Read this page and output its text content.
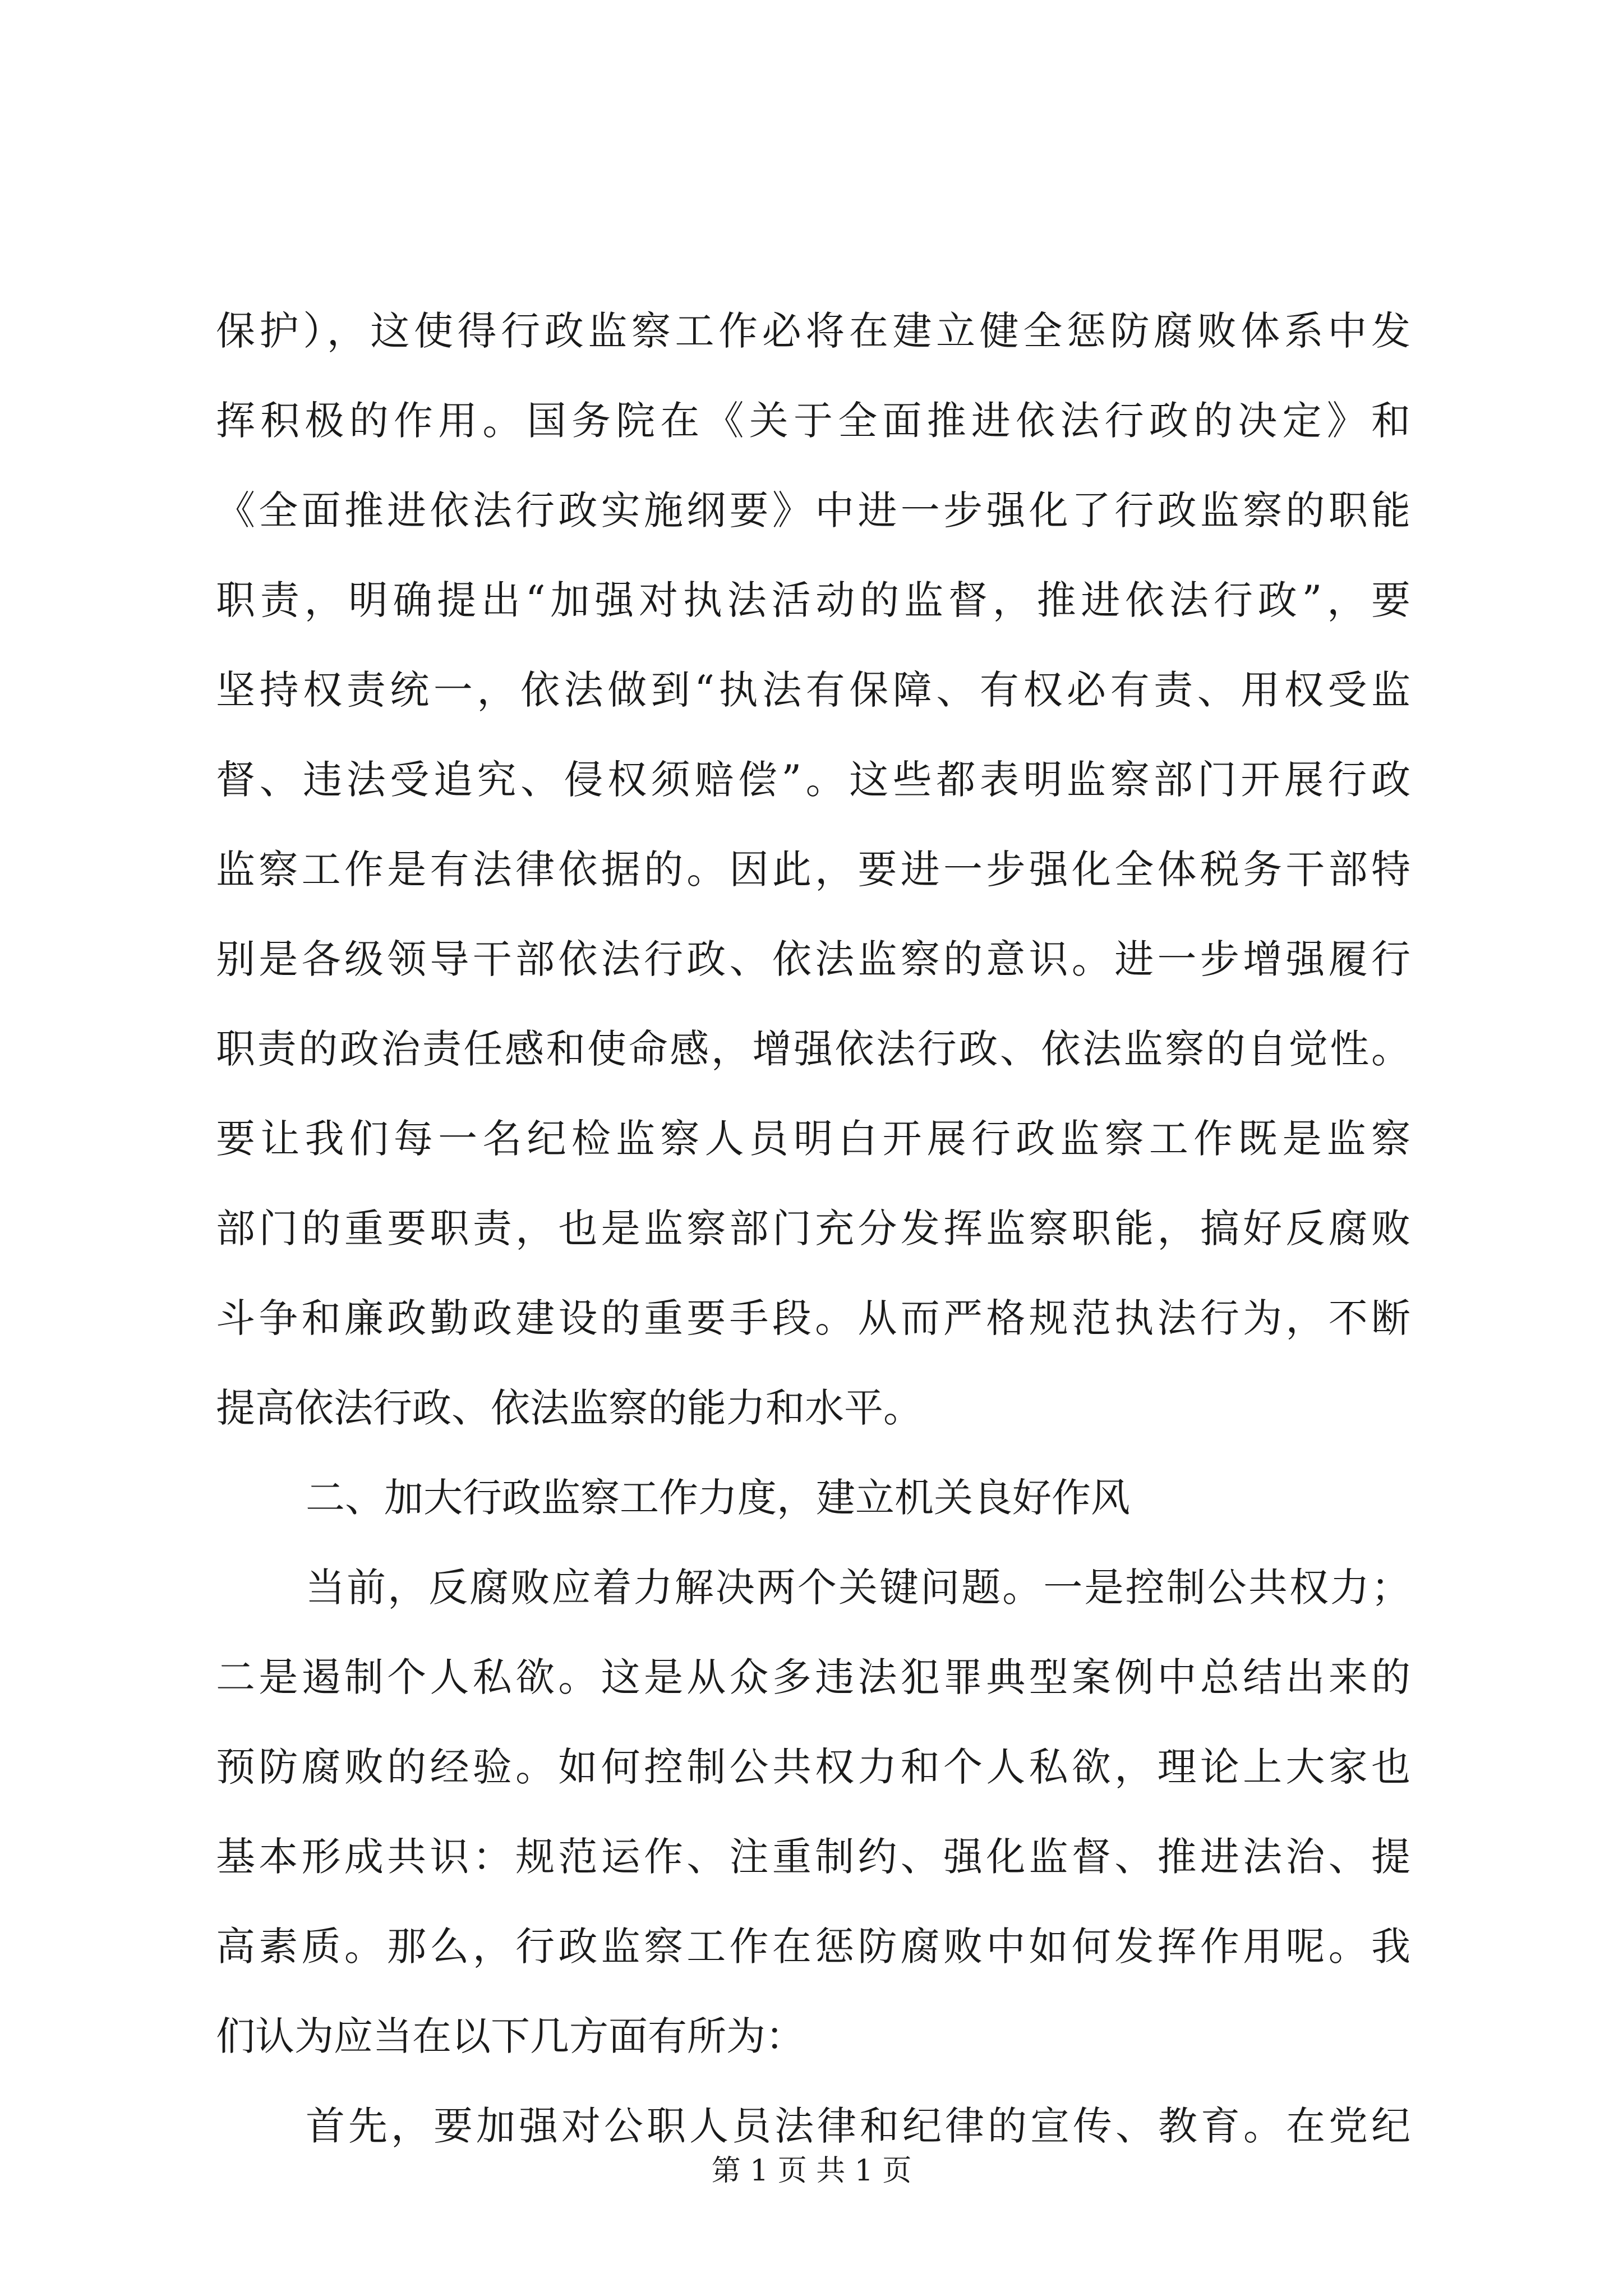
保护），这使得行政监察工作必将在建立健全惩防腐败体系中发
挥积极的作用。国务院在《关于全面推进依法行政的决定》和
《全面推进依法行政实施纲要》中进一步强化了行政监察的职能
职责，明确提出“加强对执法活动的监督，推进依法行政”，要
坚持权责统一，依法做到“执法有保障、有权必有责、用权受监
督、违法受追究、侵权须赔偿”。这些都表明监察部门开展行政
监察工作是有法律依据的。因此，要进一步强化全体税务干部特
别是各级领导干部依法行政、依法监察的意识。进一步增强履行
职责的政治责任感和使命感，增强依法行政、依法监察的自觉性。
要让我们每一名纪检监察人员明白开展行政监察工作既是监察
部门的重要职责，也是监察部门充分发挥监察职能，搞好反腐败
斗争和廉政勤政建设的重要手段。从而严格规范执法行为，不断
提高依法行政、依法监察的能力和水平。
二、加大行政监察工作力度，建立机关良好作风
当前，反腐败应着力解决两个关键问题。一是控制公共权力；
二是遏制个人私欲。这是从众多违法犯罪典型案例中总结出来的
预防腐败的经验。如何控制公共权力和个人私欲，理论上大家也
基本形成共识：规范运作、注重制约、强化监督、推进法治、提
高素质。那么，行政监察工作在惩防腐败中如何发挥作用呢。我
们认为应当在以下几方面有所为：
首先，要加强对公职人员法律和纪律的宣传、教育。在党纪
第 1 页 共 1 页
